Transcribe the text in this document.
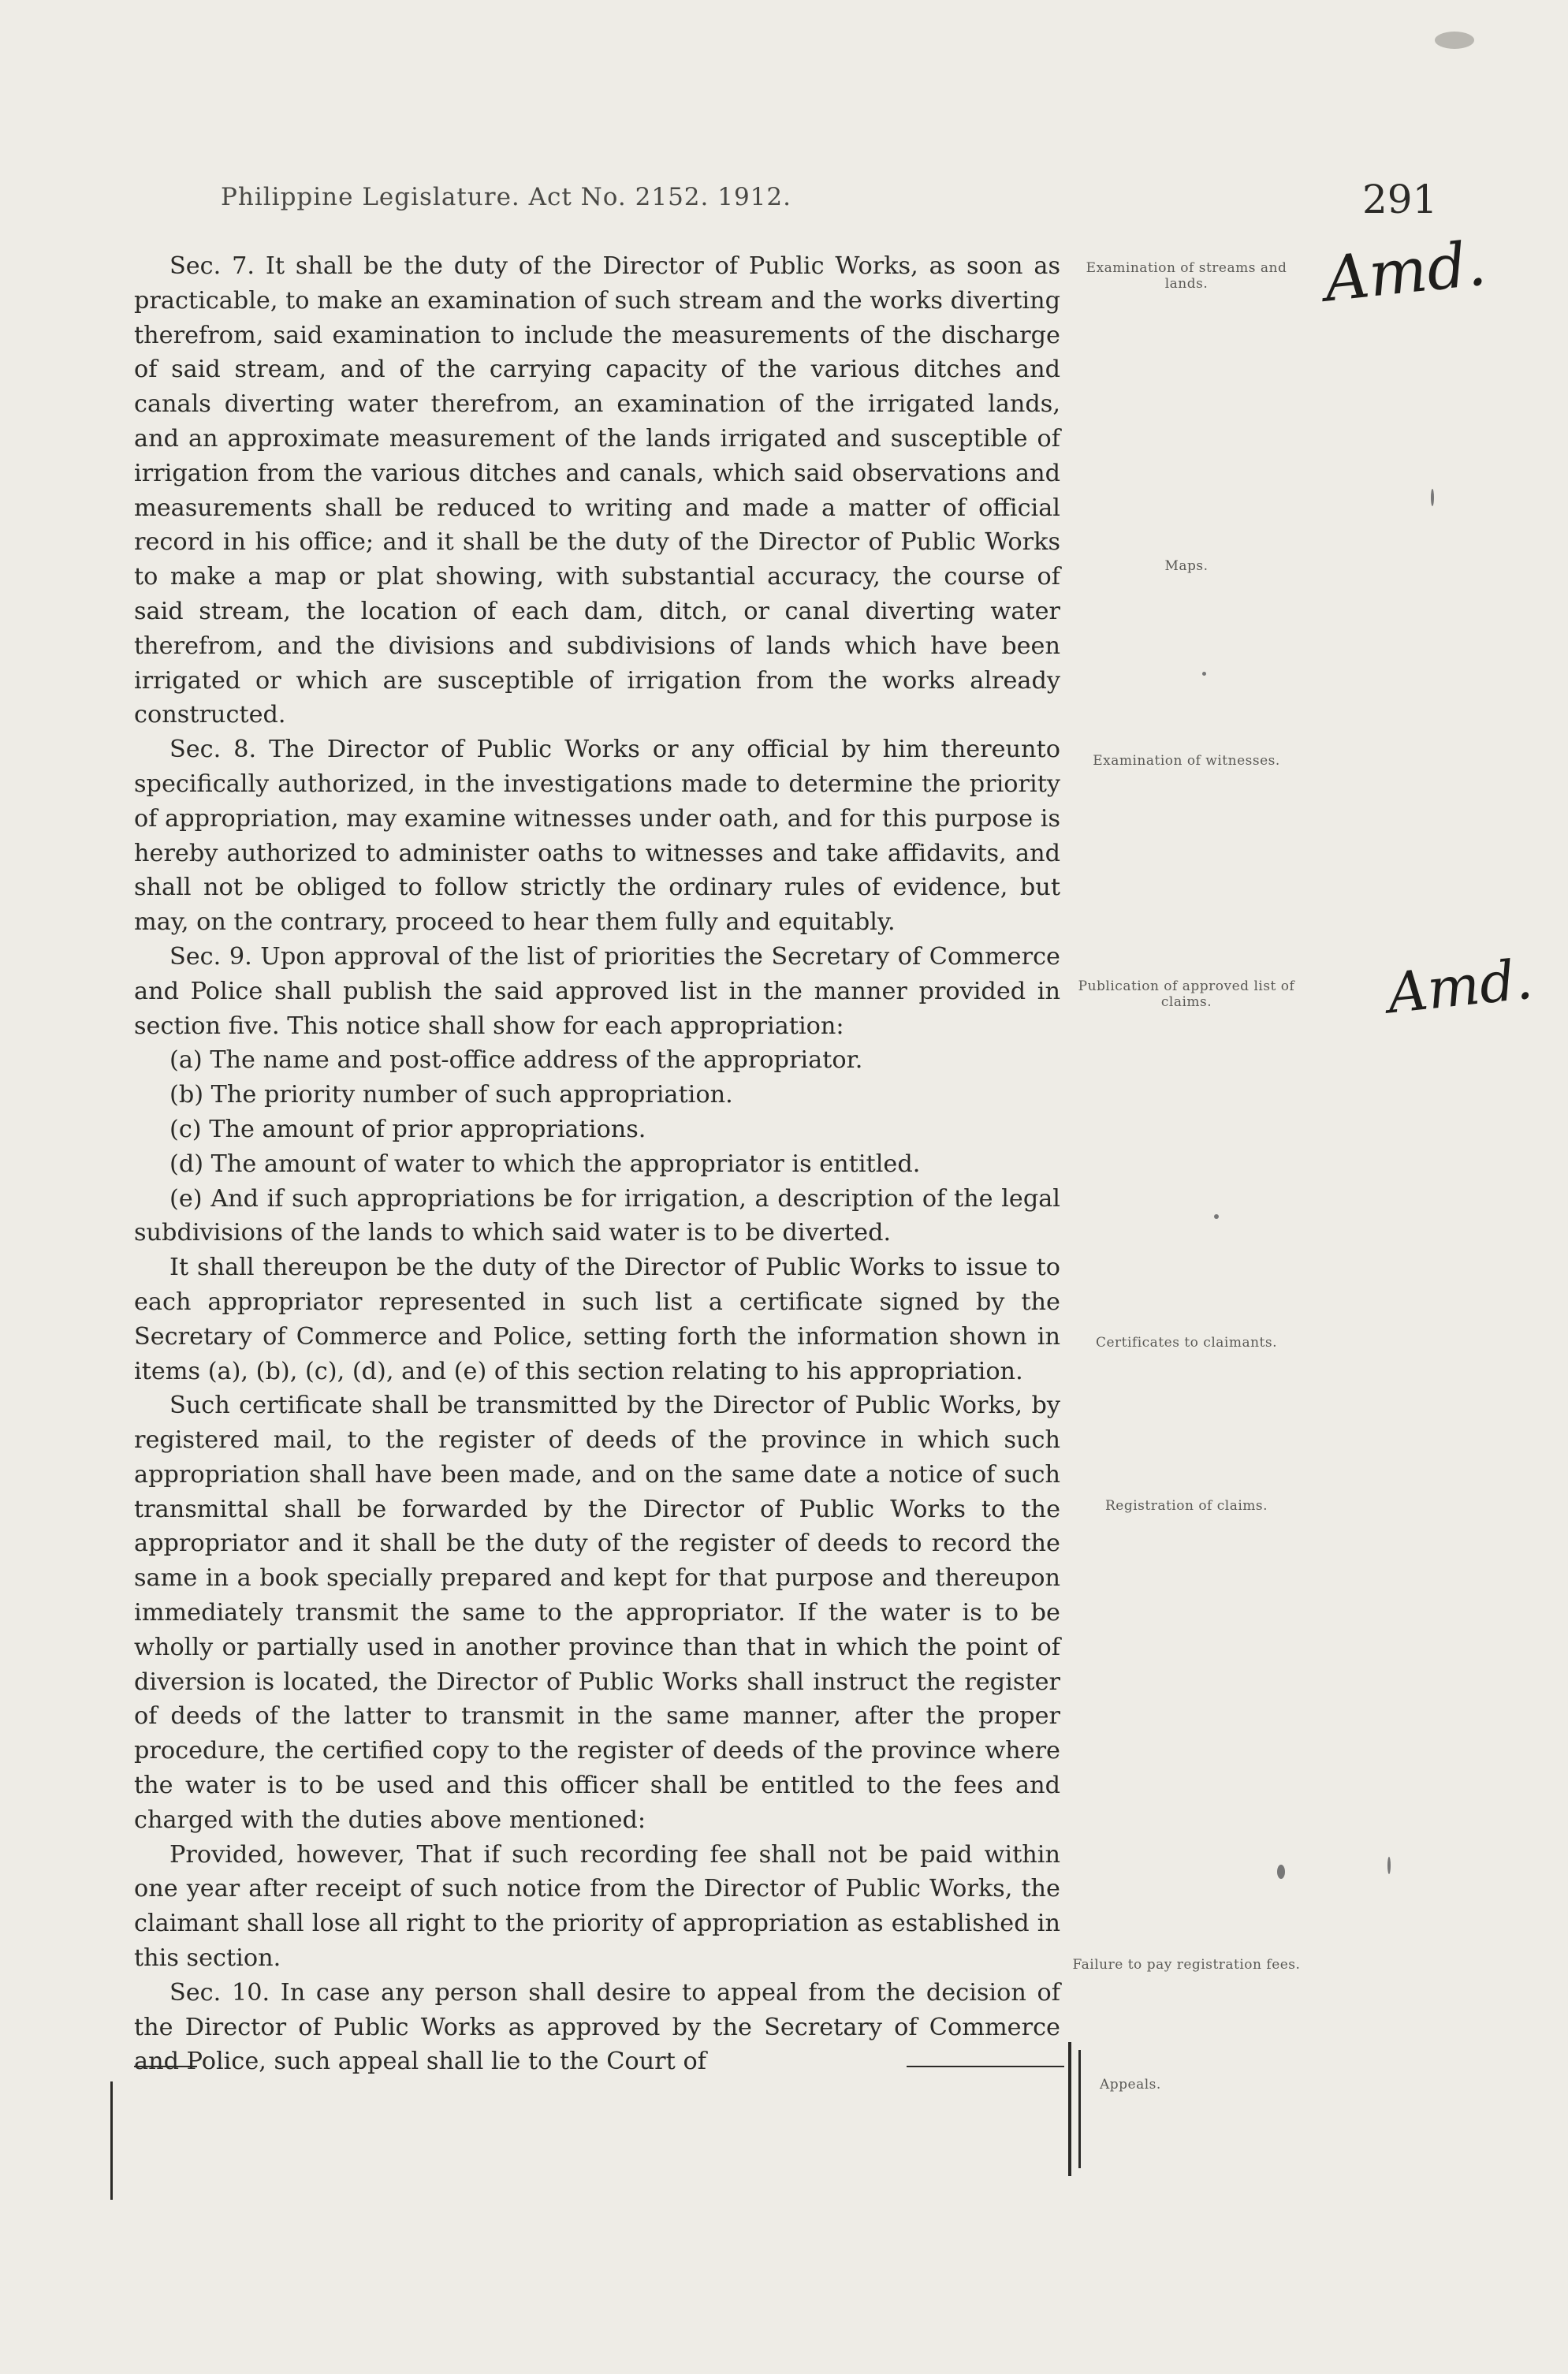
Philippine Legislature. Act No. 2152. 1912.	291

Sec. 7. It shall be the duty of the Director of Public Works, as soon as practicable, to make an examination of such stream and the works diverting therefrom, said examination to include the measurements of the discharge of said stream, and of the carrying capacity of the various ditches and canals diverting water therefrom, an examination of the irrigated lands, and an approximate measurement of the lands irrigated and susceptible of irrigation from the various ditches and canals, which said observations and measurements shall be reduced to writing and made a matter of official record in his office; and it shall be the duty of the Director of Public Works to make a map or plat showing, with substantial accuracy, the course of said stream, the location of each dam, ditch, or canal diverting water therefrom, and the divisions and subdivisions of lands which have been irrigated or which are susceptible of irrigation from the works already constructed.

Sec. 8. The Director of Public Works or any official by him thereunto specifically authorized, in the investigations made to determine the priority of appropriation, may examine witnesses under oath, and for this purpose is hereby authorized to administer oaths to witnesses and take affidavits, and shall not be obliged to follow strictly the ordinary rules of evidence, but may, on the contrary, proceed to hear them fully and equitably.

Sec. 9. Upon approval of the list of priorities the Secretary of Commerce and Police shall publish the said approved list in the manner provided in section five. This notice shall show for each appropriation:

(a) The name and post-office address of the appropriator.

(b) The priority number of such appropriation.

(c) The amount of prior appropriations.

(d) The amount of water to which the appropriator is entitled.

(e) And if such appropriations be for irrigation, a description of the legal subdivisions of the lands to which said water is to be diverted.

It shall thereupon be the duty of the Director of Public Works to issue to each appropriator represented in such list a certificate signed by the Secretary of Commerce and Police, setting forth the information shown in items (a), (b), (c), (d), and (e) of this section relating to his appropriation.

Such certificate shall be transmitted by the Director of Public Works, by registered mail, to the register of deeds of the province in which such appropriation shall have been made, and on the same date a notice of such transmittal shall be forwarded by the Director of Public Works to the appropriator and it shall be the duty of the register of deeds to record the same in a book specially prepared and kept for that purpose and thereupon immediately transmit the same to the appropriator. If the water is to be wholly or partially used in another province than that in which the point of diversion is located, the Director of Public Works shall instruct the register of deeds of the latter to transmit in the same manner, after the proper procedure, the certified copy to the register of deeds of the province where the water is to be used and this officer shall be entitled to the fees and charged with the duties above mentioned:

Provided, however, That if such recording fee shall not be paid within one year after receipt of such notice from the Director of Public Works, the claimant shall lose all right to the priority of appropriation as established in this section.

Sec. 10. In case any person shall desire to appeal from the decision of the Director of Public Works as approved by the Secretary of Commerce and Police, such appeal shall lie to the Court of

Examination of streams and lands.
Maps.
Examination of witnesses.
Publication of approved list of claims.
Certificates to claimants.
Registration of claims.
Failure to pay registration fees.
Appeals.
Amd.
Amd.
